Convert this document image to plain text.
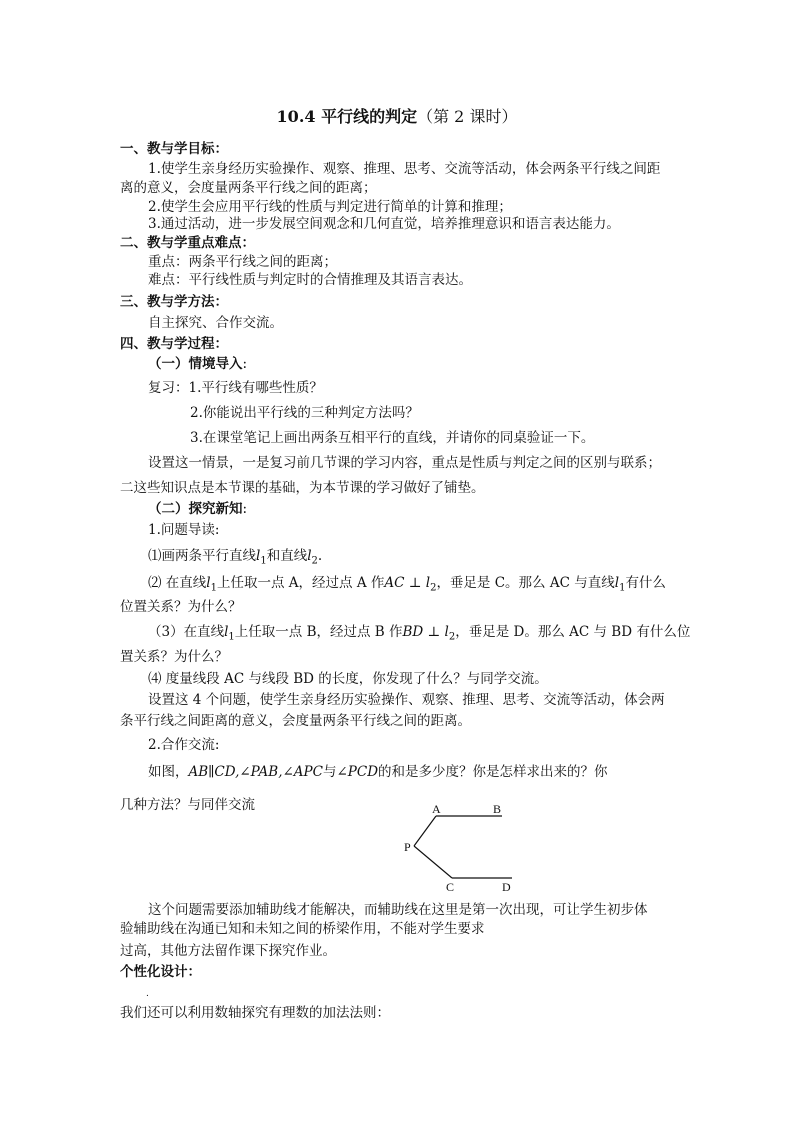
10.4 平行线的判定（第 2 课时）
一、教与学目标：
1.使学生亲身经历实验操作、观察、推理、思考、交流等活动，体会两条平行线之间距
离的意义，会度量两条平行线之间的距离；
2.使学生会应用平行线的性质与判定进行简单的计算和推理；
3.通过活动，进一步发展空间观念和几何直觉，培养推理意识和语言表达能力。
二、教与学重点难点：
重点：两条平行线之间的距离；
难点：平行线性质与判定时的合情推理及其语言表达。
三、教与学方法：
自主探究、合作交流。
四、教与学过程：
（一）情境导入:
复习：1.平行线有哪些性质？
2.你能说出平行线的三种判定方法吗？
3.在课堂笔记上画出两条互相平行的直线，并请你的同桌验证一下。
设置这一情景，一是复习前几节课的学习内容，重点是性质与判定之间的区别与联系；
二这些知识点是本节课的基础，为本节课的学习做好了铺垫。
（二）探究新知:
1.问题导读:
⑴画两条平行直线$l_1$和直线$l_2$.
⑵ 在直线$l_1$上任取一点 A，经过点 A 作AC ⊥ $l_2$，垂足是 C。那么 AC 与直线$l_1$有什么
位置关系？为什么？
（3）在直线$l_1$上任取一点 B，经过点 B 作BD ⊥ $l_2$，垂足是 D。那么 AC 与 BD 有什么位
置关系？为什么？
⑷ 度量线段 AC 与线段 BD 的长度，你发现了什么？与同学交流。
设置这 4 个问题，使学生亲身经历实验操作、观察、推理、思考、交流等活动，体会两
条平行线之间距离的意义，会度量两条平行线之间的距离。
2.合作交流:
如图，AB∥CD,∠PAB,∠APC与∠PCD的和是多少度？你是怎样求出来的？你
几种方法？与同伴交流	A	B
P
C	D
这个问题需要添加辅助线才能解决，而辅助线在这里是第一次出现，可让学生初步体
验辅助线在沟通已知和未知之间的桥梁作用，不能对学生要求
过高，其他方法留作课下探究作业。
个性化设计：
.
我们还可以利用数轴探究有理数的加法法则：
